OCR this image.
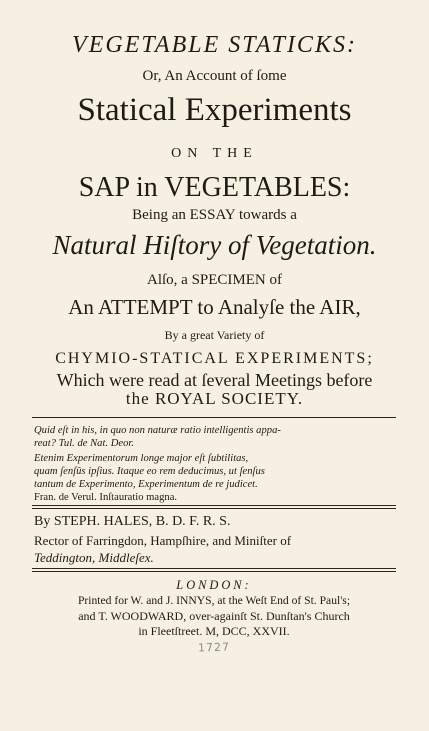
VEGETABLE STATICKS:
Or, An Account of ſome
Statical Experiments
ON THE
SAP in VEGETABLES:
Being an ESSAY towards a
Natural Hiſtory of Vegetation.
Alſo, a SPECIMEN of
An ATTEMPT to Analyſe the AIR,
By a great Variety of
CHYMIO-STATICAL EXPERIMENTS;
Which were read at ſeveral Meetings before
the ROYAL SOCIETY.
Quid eſt in his, in quo non naturæ ratio intelligentis appa-
reat? Tul. de Nat. Deor.
Etenim Experimentorum longe major eſt ſubtilitas,
quam ſenſûs ipſius. Itaque eo rem deducimus, ut ſenſus
tantum de Experimento, Experimentum de re judicet.
Fran. de Verul. Inſtauratio magna.
By STEPH. HALES, B. D. F. R. S.
Rector of Farringdon, Hampſhire, and Miniſter of
Teddington, Middleſex.
LONDON:
Printed for W. and J. INNYS, at the Weſt End of St. Paul's;
and T. WOODWARD, over-againſt St. Dunſtan's Church
in Fleetſtreet. M, DCC, XXVII.
1727
